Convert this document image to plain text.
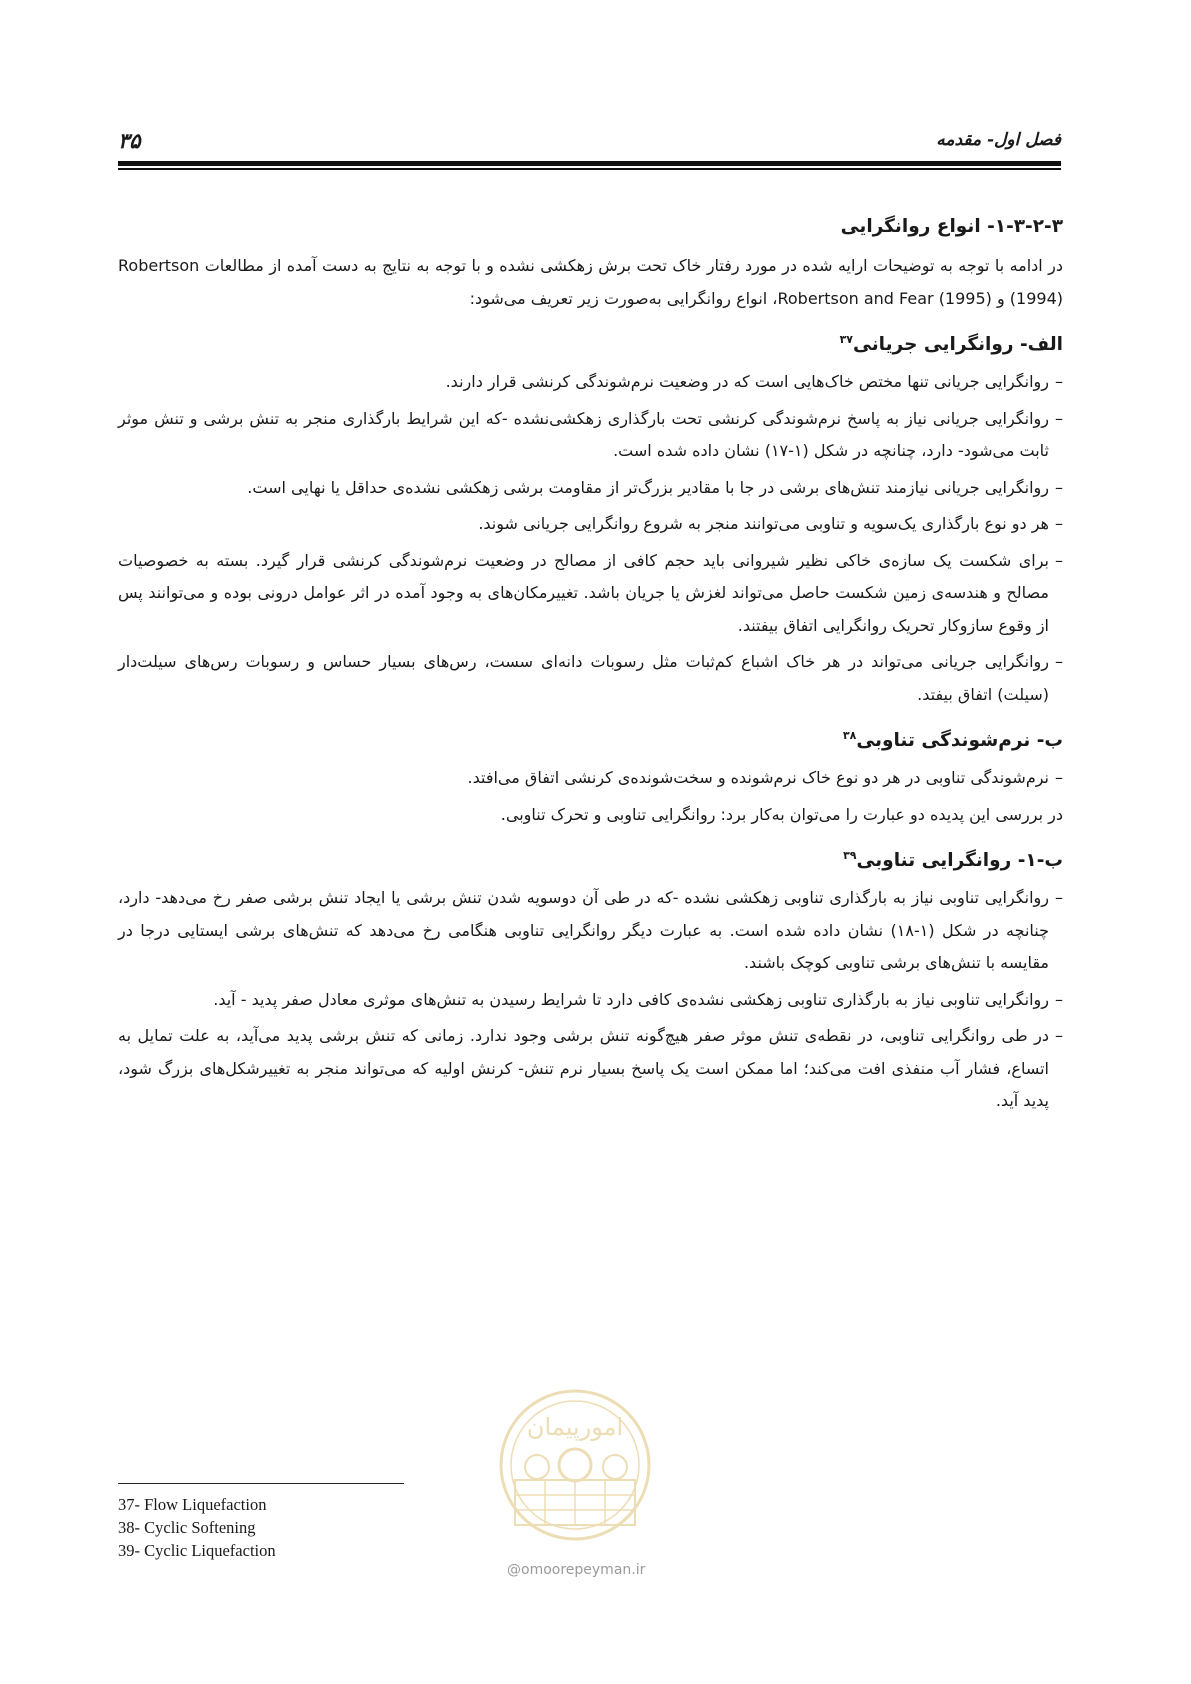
۳۵	فصل اول- مقدمه
۱-۳-۲-۳- انواع روانگرایی

در ادامه با توجه به توضیحات ارایه شده در مورد رفتار خاک تحت برش زهکشی نشده و با توجه به نتایج به دست آمده از مطالعات Robertson (1994) و Robertson and Fear (1995)، انواع روانگرایی به‌صورت زیر تعریف می‌شود:

الف- روانگرایی جریانی$^{۳۷}$
– روانگرایی جریانی تنها مختص خاک‌هایی است که در وضعیت نرم‌شوندگی کرنشی قرار دارند.
– روانگرایی جریانی نیاز به پاسخ نرم‌شوندگی کرنشی تحت بارگذاری زهکشی‌نشده -که این شرایط بارگذاری منجر به تنش برشی و تنش موثر ثابت می‌شود- دارد، چنانچه در شکل (۱-۱۷) نشان داده شده است.
– روانگرایی جریانی نیازمند تنش‌های برشی در جا با مقادیر بزرگ‌تر از مقاومت برشی زهکشی نشده‌ی حداقل یا نهایی است.
– هر دو نوع بارگذاری یک‌سویه و تناوبی می‌توانند منجر به شروع روانگرایی جریانی شوند.
– برای شکست یک سازه‌ی خاکی نظیر شیروانی باید حجم کافی از مصالح در وضعیت نرم‌شوندگی کرنشی قرار گیرد. بسته به خصوصیات مصالح و هندسه‌ی زمین شکست حاصل می‌تواند لغزش یا جریان باشد. تغییرمکان‌های به وجود آمده در اثر عوامل درونی بوده و می‌توانند پس از وقوع سازوکار تحریک روانگرایی اتفاق بیفتند.
– روانگرایی جریانی می‌تواند در هر خاک اشباع کم‌ثبات مثل رسوبات دانه‌ای سست، رس‌های بسیار حساس و رسوبات رس‌های سیلت‌دار (سیلت) اتفاق بیفتد.
ب- نرم‌شوندگی تناوبی$^{۳۸}$
– نرم‌شوندگی تناوبی در هر دو نوع خاک نرم‌شونده و سخت‌شونده‌ی کرنشی اتفاق می‌افتد.

در بررسی این پدیده دو عبارت را می‌توان به‌کار برد: روانگرایی تناوبی و تحرک تناوبی.

ب-۱- روانگرایی تناوبی$^{۳۹}$
– روانگرایی تناوبی نیاز به بارگذاری تناوبی زهکشی نشده -که در طی آن دوسویه شدن تنش برشی یا ایجاد تنش برشی صفر رخ می‌دهد- دارد، چنانچه در شکل (۱-۱۸) نشان داده شده است. به عبارت دیگر روانگرایی تناوبی هنگامی رخ می‌دهد که تنش‌های برشی ایستایی درجا در مقایسه با تنش‌های برشی تناوبی کوچک باشند.
– روانگرایی تناوبی نیاز به بارگذاری تناوبی زهکشی نشده‌ی کافی دارد تا شرایط رسیدن به تنش‌های موثری معادل صفر پدید - آید.
– در طی روانگرایی تناوبی، در نقطه‌ی تنش موثر صفر هیچ‌گونه تنش برشی وجود ندارد. زمانی که تنش برشی پدید می‌آید، به علت تمایل به اتساع، فشار آب منفذی افت می‌کند؛ اما ممکن است یک پاسخ بسیار نرم تنش- کرنش اولیه که می‌تواند منجر به تغییرشکل‌های بزرگ شود، پدید آید.
امورپیمان
@omoorepeyman.ir
37- Flow Liquefaction
38- Cyclic Softening
39- Cyclic Liquefaction
